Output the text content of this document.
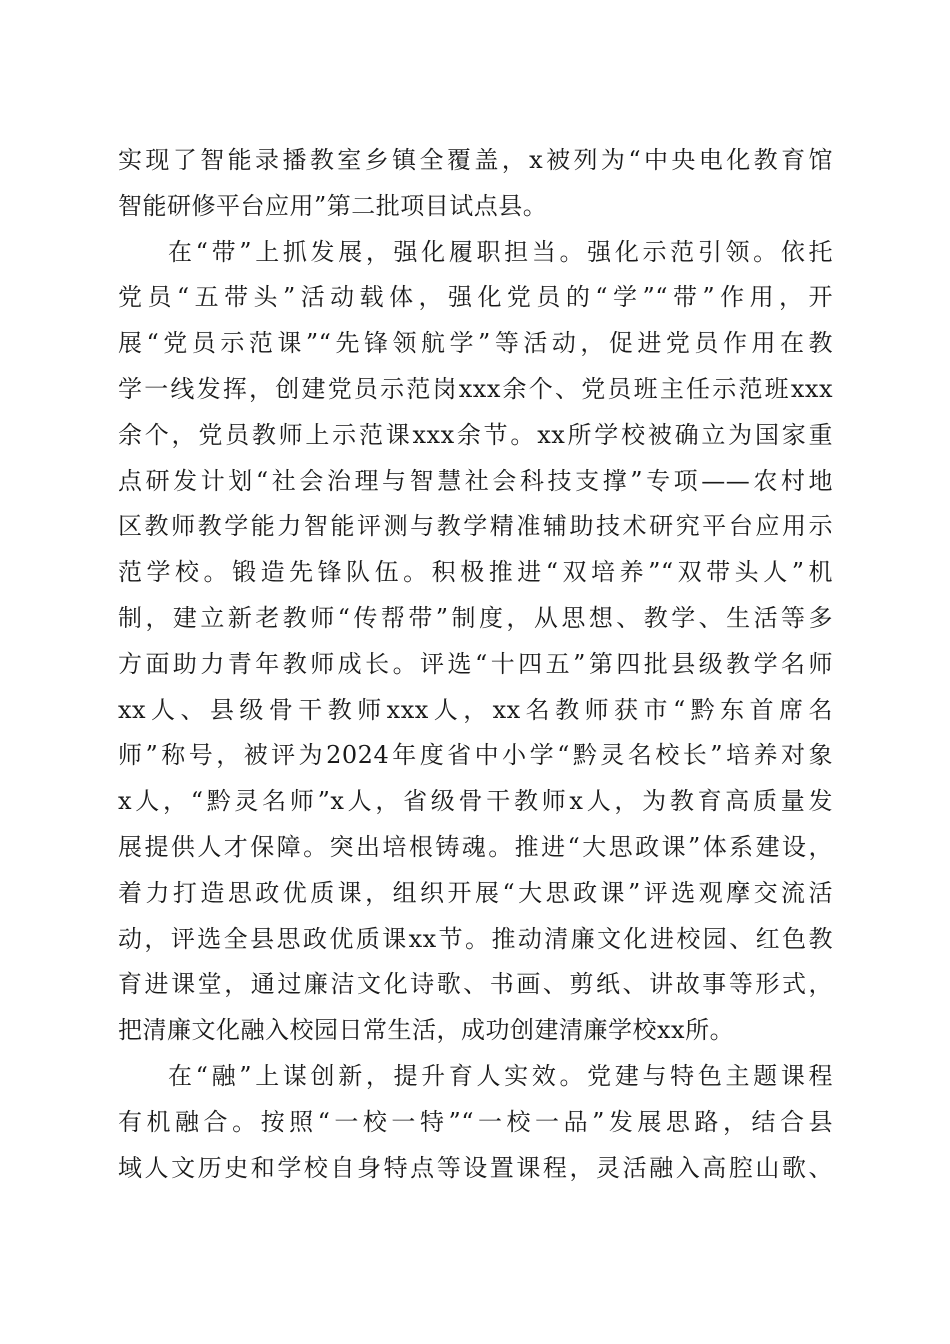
实现了智能录播教室乡镇全覆盖，x被列为“中央电化教育馆
智能研修平台应用”第二批项目试点县。
在“带”上抓发展，强化履职担当。强化示范引领。依托
党员“五带头”活动载体，强化党员的“学”“带”作用，开
展“党员示范课”“先锋领航学”等活动，促进党员作用在教
学一线发挥，创建党员示范岗xxx余个、党员班主任示范班xxx
余个，党员教师上示范课xxx余节。xx所学校被确立为国家重
点研发计划“社会治理与智慧社会科技支撑”专项——农村地
区教师教学能力智能评测与教学精准辅助技术研究平台应用示
范学校。锻造先锋队伍。积极推进“双培养”“双带头人”机
制，建立新老教师“传帮带”制度，从思想、教学、生活等多
方面助力青年教师成长。评选“十四五”第四批县级教学名师
xx人、县级骨干教师xxx人，xx名教师获市“黔东首席名
师”称号，被评为2024年度省中小学“黔灵名校长”培养对象
x人，“黔灵名师”x人，省级骨干教师x人，为教育高质量发
展提供人才保障。突出培根铸魂。推进“大思政课”体系建设，
着力打造思政优质课，组织开展“大思政课”评选观摩交流活
动，评选全县思政优质课xx节。推动清廉文化进校园、红色教
育进课堂，通过廉洁文化诗歌、书画、剪纸、讲故事等形式，
把清廉文化融入校园日常生活，成功创建清廉学校xx所。
在“融”上谋创新，提升育人实效。党建与特色主题课程
有机融合。按照“一校一特”“一校一品”发展思路，结合县
域人文历史和学校自身特点等设置课程，灵活融入高腔山歌、
